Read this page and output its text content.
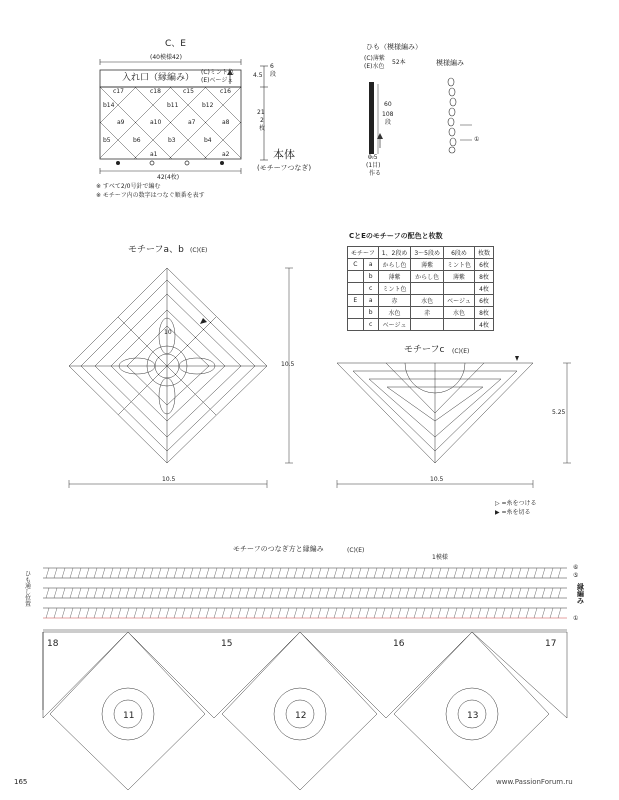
C、E
(40模様42)
入れ口（縁編み）
(C)ミント色
(E)ベージュ
4.5
6
段
21
2
枚
本体
(モチーフつなぎ)
42(4枚)
※ すべて2/0号針で編む
※ モチーフ内の数字はつなぐ順番を表す
c17	c18	c15	c16
b14	b11	b12
a9	a10	a7	a8
b5	b6	b3	b4
a1	a2
ひも（模様編み）
(C)薄紫
(E)水色
52本	模様編み
60
108
段
0.5
(1目)
作る
①
CとEのモチーフの配色と枚数
モチーフ		1、2段め	3〜5段め	6段め	枚数
C	a	からし色	薄紫	ミント色	6枚
	b	薄紫	からし色	薄紫	8枚
	c	ミント色			4枚
E	a	赤	水色	ベージュ	6枚
	b	水色	赤	水色	8枚
	c	ベージュ			4枚
モチーフa、b (C)(E)
10
10.5
10.5
モチーフc (C)(E)
5.25
10.5
▷ =糸をつける
▶ =糸を切る
モチーフのつなぎ方と縁編み	(C)(E)
1模様
ひも通し位置
縁編み
⑥
⑤
①
18	15	16	17
11	12	13
165	www.PassionForum.ru
